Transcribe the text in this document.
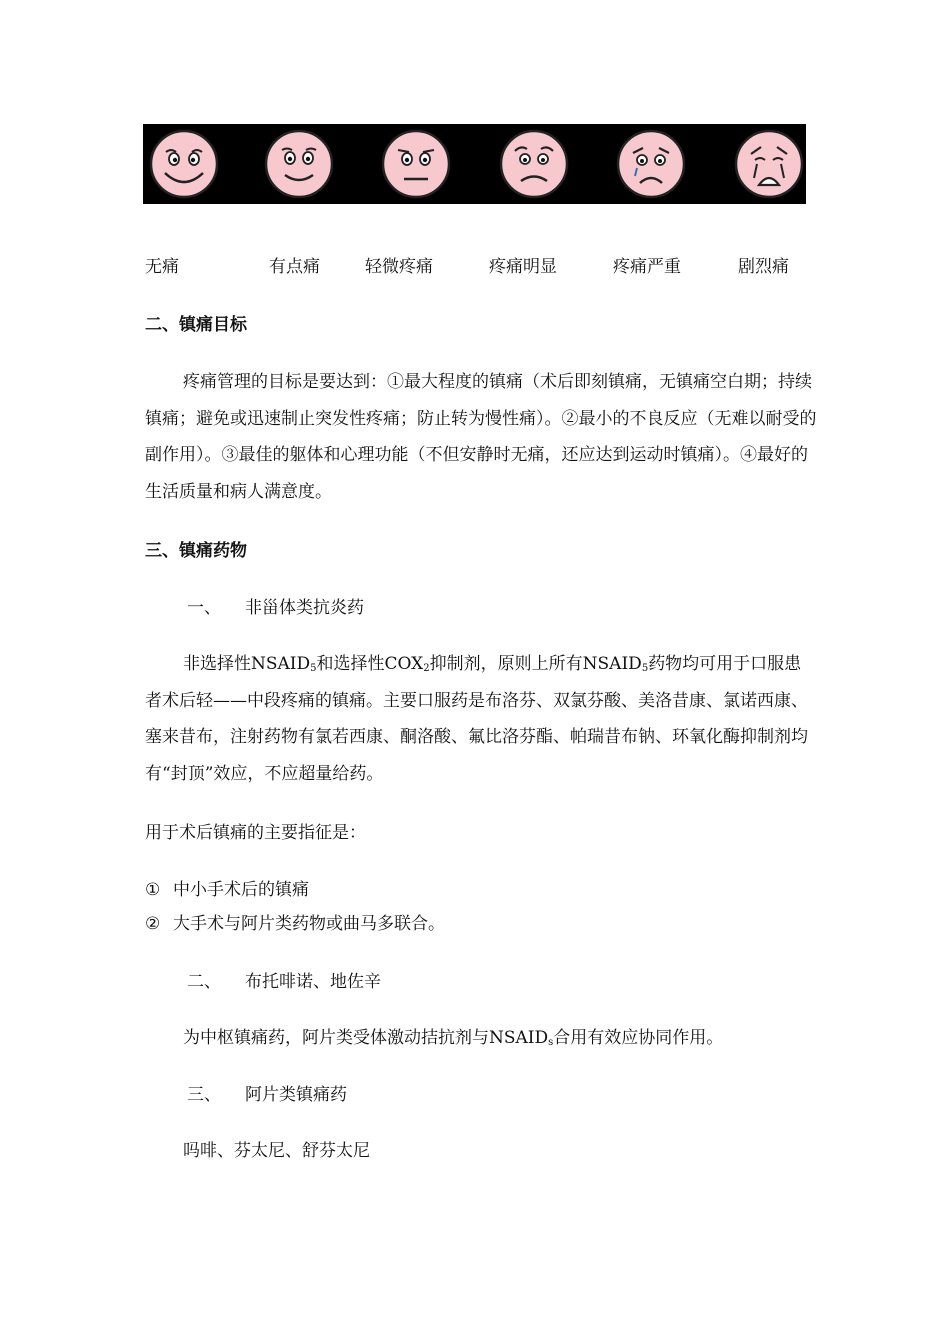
无痛	有点痛	轻微疼痛	疼痛明显	疼痛严重	剧烈痛
二、镇痛目标
疼痛管理的目标是要达到：①最大程度的镇痛（术后即刻镇痛，无镇痛空白期；持续镇痛；避免或迅速制止突发性疼痛；防止转为慢性痛）。②最小的不良反应（无难以耐受的副作用）。③最佳的躯体和心理功能（不但安静时无痛，还应达到运动时镇痛）。④最好的生活质量和病人满意度。
三、镇痛药物
一、 非甾体类抗炎药
非选择性$NSAID_5$和选择性$COX_2$抑制剂，原则上所有$NSAID_5$药物均可用于口服患者术后轻——中段疼痛的镇痛。主要口服药是布洛芬、双氯芬酸、美洛昔康、氯诺西康、塞来昔布，注射药物有氯若西康、酮洛酸、氟比洛芬酯、帕瑞昔布钠、环氧化酶抑制剂均有“封顶”效应，不应超量给药。
用于术后镇痛的主要指征是：
① 中小手术后的镇痛
② 大手术与阿片类药物或曲马多联合。
二、 布托啡诺、地佐辛
为中枢镇痛药，阿片类受体激动拮抗剂与$NSAID_s$合用有效应协同作用。
三、 阿片类镇痛药
吗啡、芬太尼、舒芬太尼
